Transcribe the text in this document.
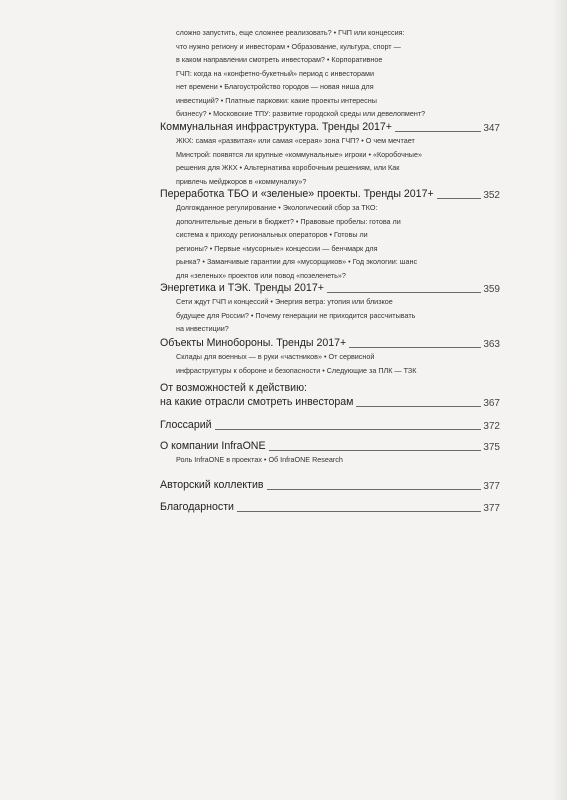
сложно запустить, еще сложнее реализовать? • ГЧП или концессия:
что нужно региону и инвесторам • Образование, культура, спорт —
в каком направлении смотреть инвесторам? • Корпоративное
ГЧП: когда на «конфетно-букетный» период с инвесторами
нет времени • Благоустройство городов — новая ниша для
инвестиций? • Платные парковки: какие проекты интересны
бизнесу? • Московские ТПУ: развитие городской среды или девелопмент?
Коммунальная инфраструктура. Тренды 2017+	347
ЖКХ: самая «развитая» или самая «серая» зона ГЧП? • О чем мечтает
Минстрой: появятся ли крупные «коммунальные» игроки • «Коробочные»
решения для ЖКХ • Альтернатива коробочным решениям, или Как
привлечь мейджоров в «коммуналку»?
Переработка ТБО и «зеленые» проекты. Тренды 2017+	352
Долгожданное регулирование • Экологический сбор за ТКО:
дополнительные деньги в бюджет? • Правовые пробелы: готова ли
система к приходу региональных операторов • Готовы ли
регионы? • Первые «мусорные» концессии — бенчмарк для
рынка? • Заманчивые гарантии для «мусорщиков» • Год экологии: шанс
для «зеленых» проектов или повод «позеленеть»?
Энергетика и ТЭК. Тренды 2017+	359
Сети ждут ГЧП и концессий • Энергия ветра: утопия или близкое
будущее для России? • Почему генерации не приходится рассчитывать
на инвестиции?
Объекты Минобороны. Тренды 2017+	363
Склады для военных — в руки «частников» • От сервисной
инфраструктуры к обороне и безопасности • Следующие за ПЛК — ТЗК
От возможностей к действию:
на какие отрасли смотреть инвесторам	367
Глоссарий	372
О компании InfraONE	375
Роль InfraONE в проектах • Об InfraONE Research
Авторский коллектив	377
Благодарности	377
